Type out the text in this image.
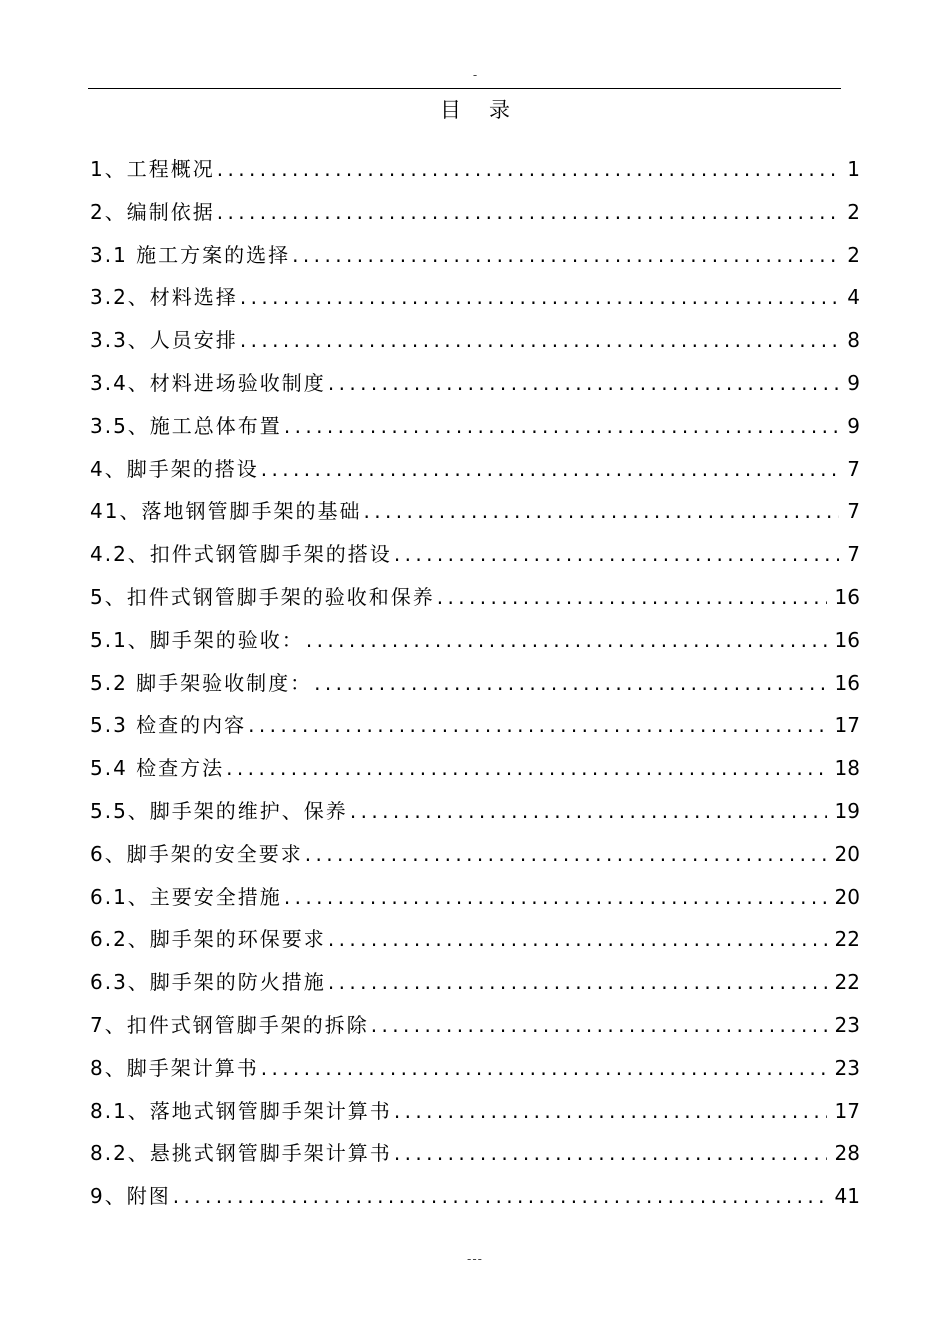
-
目录
1、工程概况 .....	1
2、编制依据 .....	2
3.1 施工方案的选择 .....	2
3.2、材料选择 .....	4
3.3、人员安排 .....	8
3.4、材料进场验收制度 .....	9
3.5、施工总体布置 .....	9
4、脚手架的搭设 .....	7
41、落地钢管脚手架的基础 .....	7
4.2、扣件式钢管脚手架的搭设 .....	7
5、扣件式钢管脚手架的验收和保养 .....	16
5.1、脚手架的验收： .....	16
5.2 脚手架验收制度： .....	16
5.3 检查的内容 .....	17
5.4 检查方法 .....	18
5.5、脚手架的维护、保养 .....	19
6、脚手架的安全要求 .....	20
6.1、主要安全措施 .....	20
6.2、脚手架的环保要求 .....	22
6.3、脚手架的防火措施 .....	22
7、扣件式钢管脚手架的拆除 .....	23
8、脚手架计算书 .....	23
8.1、落地式钢管脚手架计算书 .....	17
8.2、悬挑式钢管脚手架计算书 .....	28
9、附图 .....	41
---
